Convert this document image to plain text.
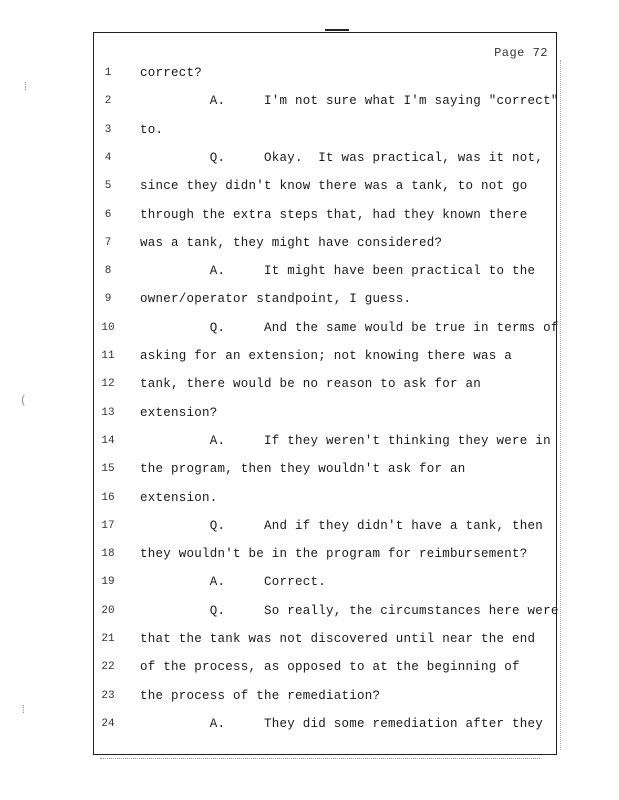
⁞
(
⁞
Page 72
1	correct?
2	A.     I'm not sure what I'm saying "correct"
3	to.
4	Q.     Okay.  It was practical, was it not,
5	since they didn't know there was a tank, to not go
6	through the extra steps that, had they known there
7	was a tank, they might have considered?
8	A.     It might have been practical to the
9	owner/operator standpoint, I guess.
10 Q.     And the same would be true in terms of
11 asking for an extension; not knowing there was a
12 tank, there would be no reason to ask for an
13 extension?
14 A.     If they weren't thinking they were in
15 the program, then they wouldn't ask for an
16 extension.
17 Q.     And if they didn't have a tank, then
18 they wouldn't be in the program for reimbursement?
19 A.     Correct.
20 Q.     So really, the circumstances here were
21 that the tank was not discovered until near the end
22 of the process, as opposed to at the beginning of
23 the process of the remediation?
24 A.     They did some remediation after they
